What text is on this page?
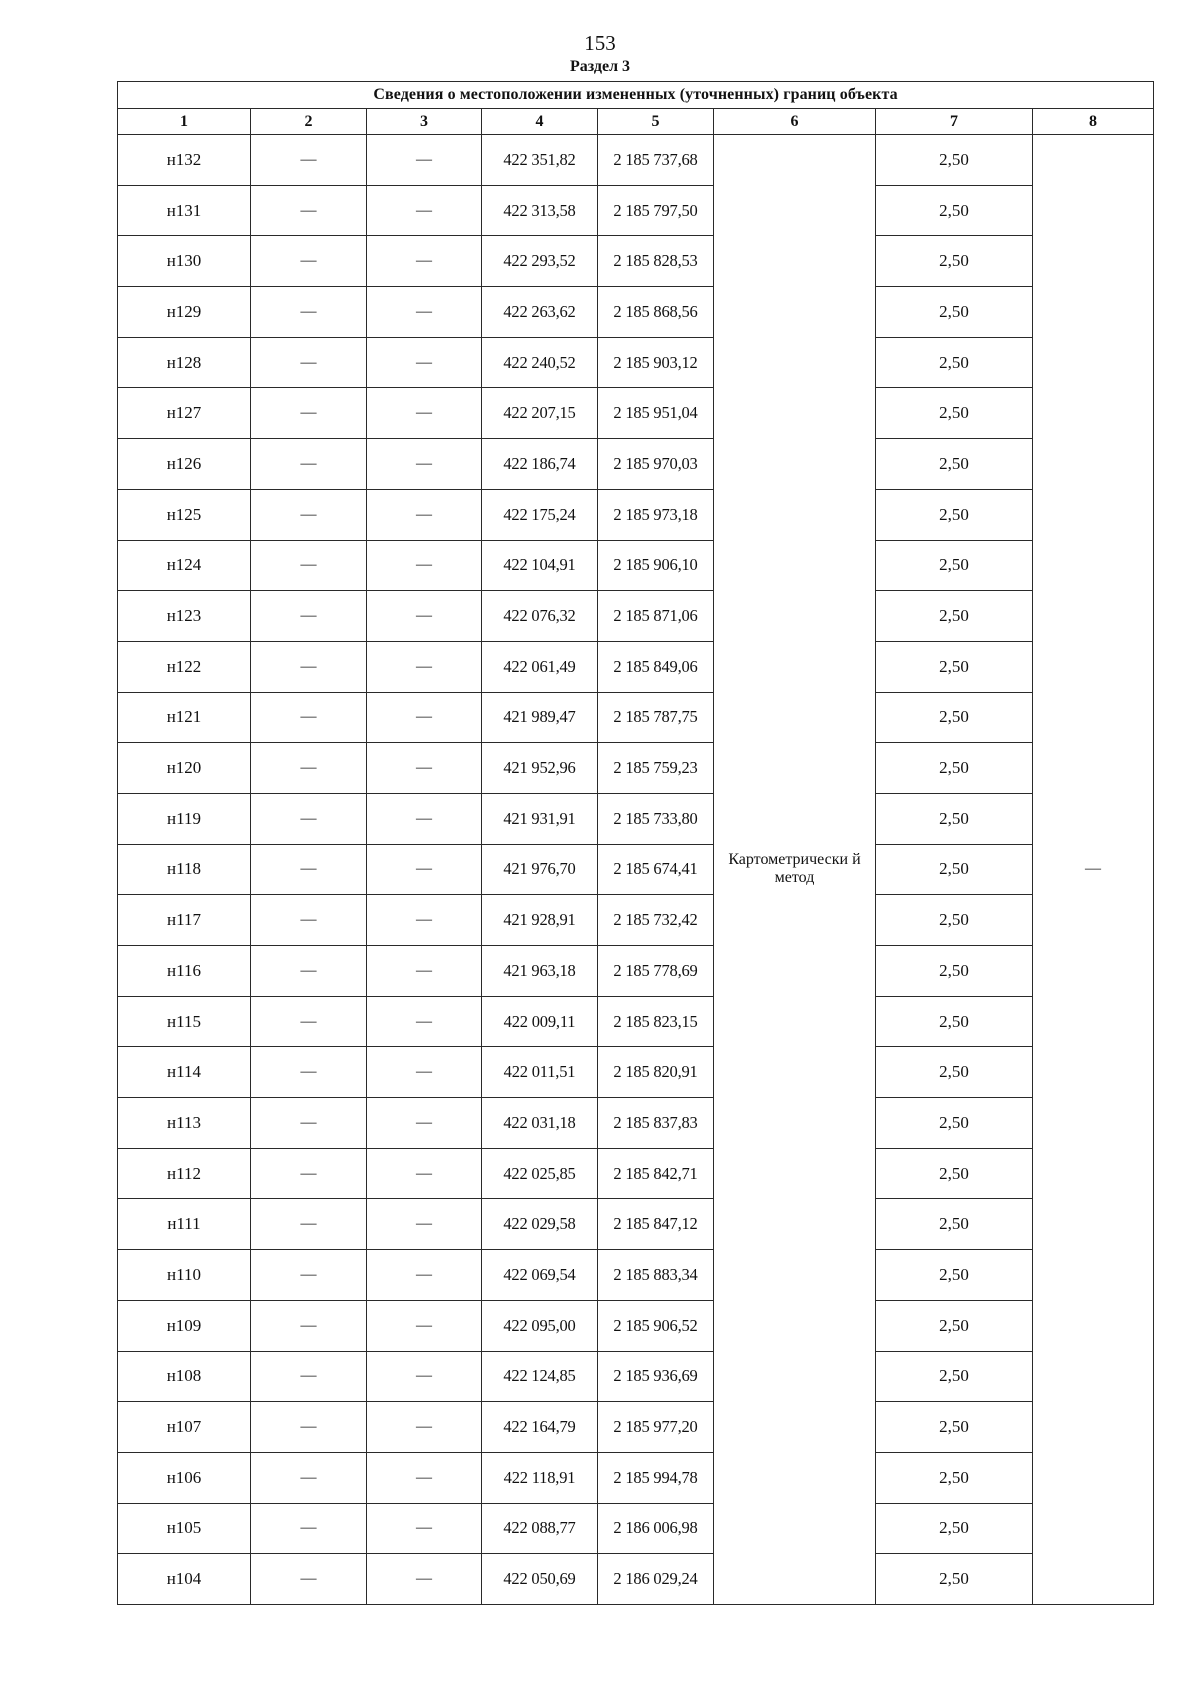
153
Раздел 3
Сведения о местоположении измененных (уточненных) границ объекта							
1	2	3	4	5	6	7	8
н132	—	—	422 351,82	2 185 737,68	Картометрически й метод	2,50	—
н131	—	—	422 313,58	2 185 797,50		2,50	
н130	—	—	422 293,52	2 185 828,53		2,50	
н129	—	—	422 263,62	2 185 868,56		2,50	
н128	—	—	422 240,52	2 185 903,12		2,50	
н127	—	—	422 207,15	2 185 951,04		2,50	
н126	—	—	422 186,74	2 185 970,03		2,50	
н125	—	—	422 175,24	2 185 973,18		2,50	
н124	—	—	422 104,91	2 185 906,10		2,50	
н123	—	—	422 076,32	2 185 871,06		2,50	
н122	—	—	422 061,49	2 185 849,06		2,50	
н121	—	—	421 989,47	2 185 787,75		2,50	
н120	—	—	421 952,96	2 185 759,23		2,50	
н119	—	—	421 931,91	2 185 733,80		2,50	
н118	—	—	421 976,70	2 185 674,41		2,50	
н117	—	—	421 928,91	2 185 732,42		2,50	
н116	—	—	421 963,18	2 185 778,69		2,50	
н115	—	—	422 009,11	2 185 823,15		2,50	
н114	—	—	422 011,51	2 185 820,91		2,50	
н113	—	—	422 031,18	2 185 837,83		2,50	
н112	—	—	422 025,85	2 185 842,71		2,50	
н111	—	—	422 029,58	2 185 847,12		2,50	
н110	—	—	422 069,54	2 185 883,34		2,50	
н109	—	—	422 095,00	2 185 906,52		2,50	
н108	—	—	422 124,85	2 185 936,69		2,50	
н107	—	—	422 164,79	2 185 977,20		2,50	
н106	—	—	422 118,91	2 185 994,78		2,50	
н105	—	—	422 088,77	2 186 006,98		2,50	
н104	—	—	422 050,69	2 186 029,24		2,50	
